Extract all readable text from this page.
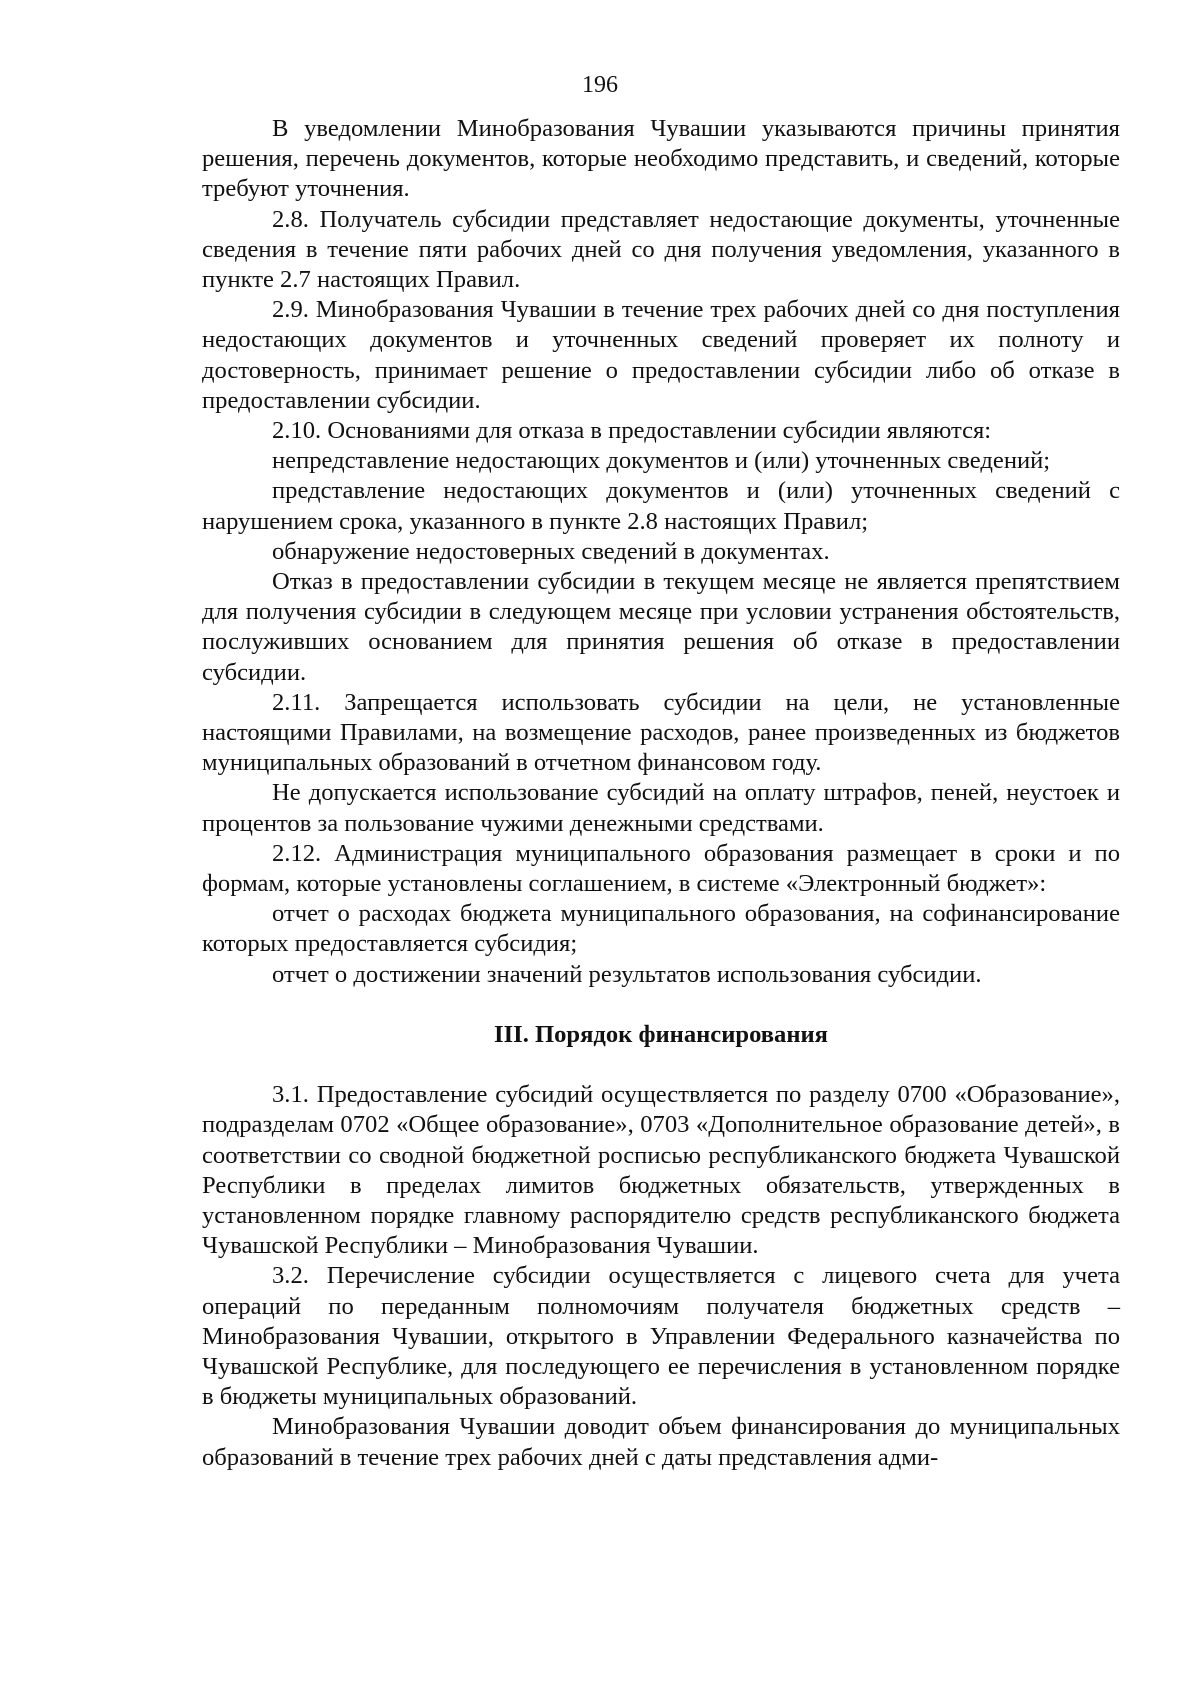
196

В уведомлении Минобразования Чувашии указываются причины принятия решения, перечень документов, которые необходимо представить, и сведений, которые требуют уточнения.

2.8. Получатель субсидии представляет недостающие документы, уточненные сведения в течение пяти рабочих дней со дня получения уведомления, указанного в пункте 2.7 настоящих Правил.

2.9. Минобразования Чувашии в течение трех рабочих дней со дня поступления недостающих документов и уточненных сведений проверяет их полноту и достоверность, принимает решение о предоставлении субсидии либо об отказе в предоставлении субсидии.

2.10. Основаниями для отказа в предоставлении субсидии являются:

непредставление недостающих документов и (или) уточненных сведений;

представление недостающих документов и (или) уточненных сведений с нарушением срока, указанного в пункте 2.8 настоящих Правил;

обнаружение недостоверных сведений в документах.

Отказ в предоставлении субсидии в текущем месяце не является препятствием для получения субсидии в следующем месяце при условии устранения обстоятельств, послуживших основанием для принятия решения об отказе в предоставлении субсидии.

2.11. Запрещается использовать субсидии на цели, не установленные настоящими Правилами, на возмещение расходов, ранее произведенных из бюджетов муниципальных образований в отчетном финансовом году.

Не допускается использование субсидий на оплату штрафов, пеней, неустоек и процентов за пользование чужими денежными средствами.

2.12. Администрация муниципального образования размещает в сроки и по формам, которые установлены соглашением, в системе «Электронный бюджет»:

отчет о расходах бюджета муниципального образования, на софинансирование которых предоставляется субсидия;

отчет о достижении значений результатов использования субсидии.

III. Порядок финансирования

3.1. Предоставление субсидий осуществляется по разделу 0700 «Образование», подразделам 0702 «Общее образование», 0703 «Дополнительное образование детей», в соответствии со сводной бюджетной росписью республиканского бюджета Чувашской Республики в пределах лимитов бюджетных обязательств, утвержденных в установленном порядке главному распорядителю средств республиканского бюджета Чувашской Республики – Минобразования Чувашии.

3.2. Перечисление субсидии осуществляется с лицевого счета для учета операций по переданным полномочиям получателя бюджетных средств – Минобразования Чувашии, открытого в Управлении Федерального казначейства по Чувашской Республике, для последующего ее перечисления в установленном порядке в бюджеты муниципальных образований.

Минобразования Чувашии доводит объем финансирования до муниципальных образований в течение трех рабочих дней с даты представления адми-
